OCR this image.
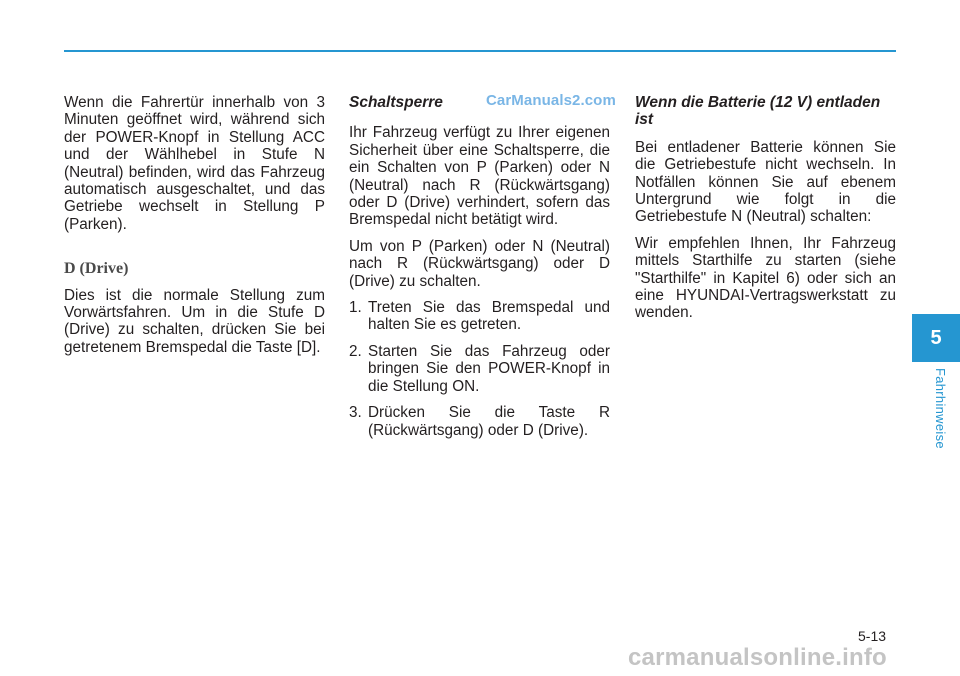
Wenn die Fahrertür innerhalb von 3 Minuten geöffnet wird, während sich der POWER-Knopf in Stellung ACC und der Wählhebel in Stufe N (Neutral) befinden, wird das Fahrzeug automatisch ausgeschaltet, und das Getriebe wechselt in Stellung P (Parken).

D (Drive)

Dies ist die normale Stellung zum Vorwärtsfahren. Um in die Stufe D (Drive) zu schalten, drücken Sie bei getretenem Bremspedal die Taste [D].

Schaltsperre

Ihr Fahrzeug verfügt zu Ihrer eigenen Sicherheit über eine Schaltsperre, die ein Schalten von P (Parken) oder N (Neutral) nach R (Rückwärtsgang) oder D (Drive) verhindert, sofern das Bremspedal nicht betätigt wird.

Um von P (Parken) oder N (Neutral) nach R (Rückwärtsgang) oder D (Drive) zu schalten.

1. Treten Sie das Bremspedal und halten Sie es getreten.
2. Starten Sie das Fahrzeug oder bringen Sie den POWER-Knopf in die Stellung ON.
3. Drücken Sie die Taste R (Rückwärtsgang) oder D (Drive).
Wenn die Batterie (12 V) entladen ist

Bei entladener Batterie können Sie die Getriebestufe nicht wechseln. In Notfällen können Sie auf ebenem Untergrund wie folgt in die Getriebestufe N (Neutral) schalten:

Wir empfehlen Ihnen, Ihr Fahrzeug mittels Starthilfe zu starten (siehe "Starthilfe" in Kapitel 6) oder sich an eine HYUNDAI-Vertragswerkstatt zu wenden.

CarManuals2.com
5
Fahrhinweise
5-13
carmanualsonline.info
